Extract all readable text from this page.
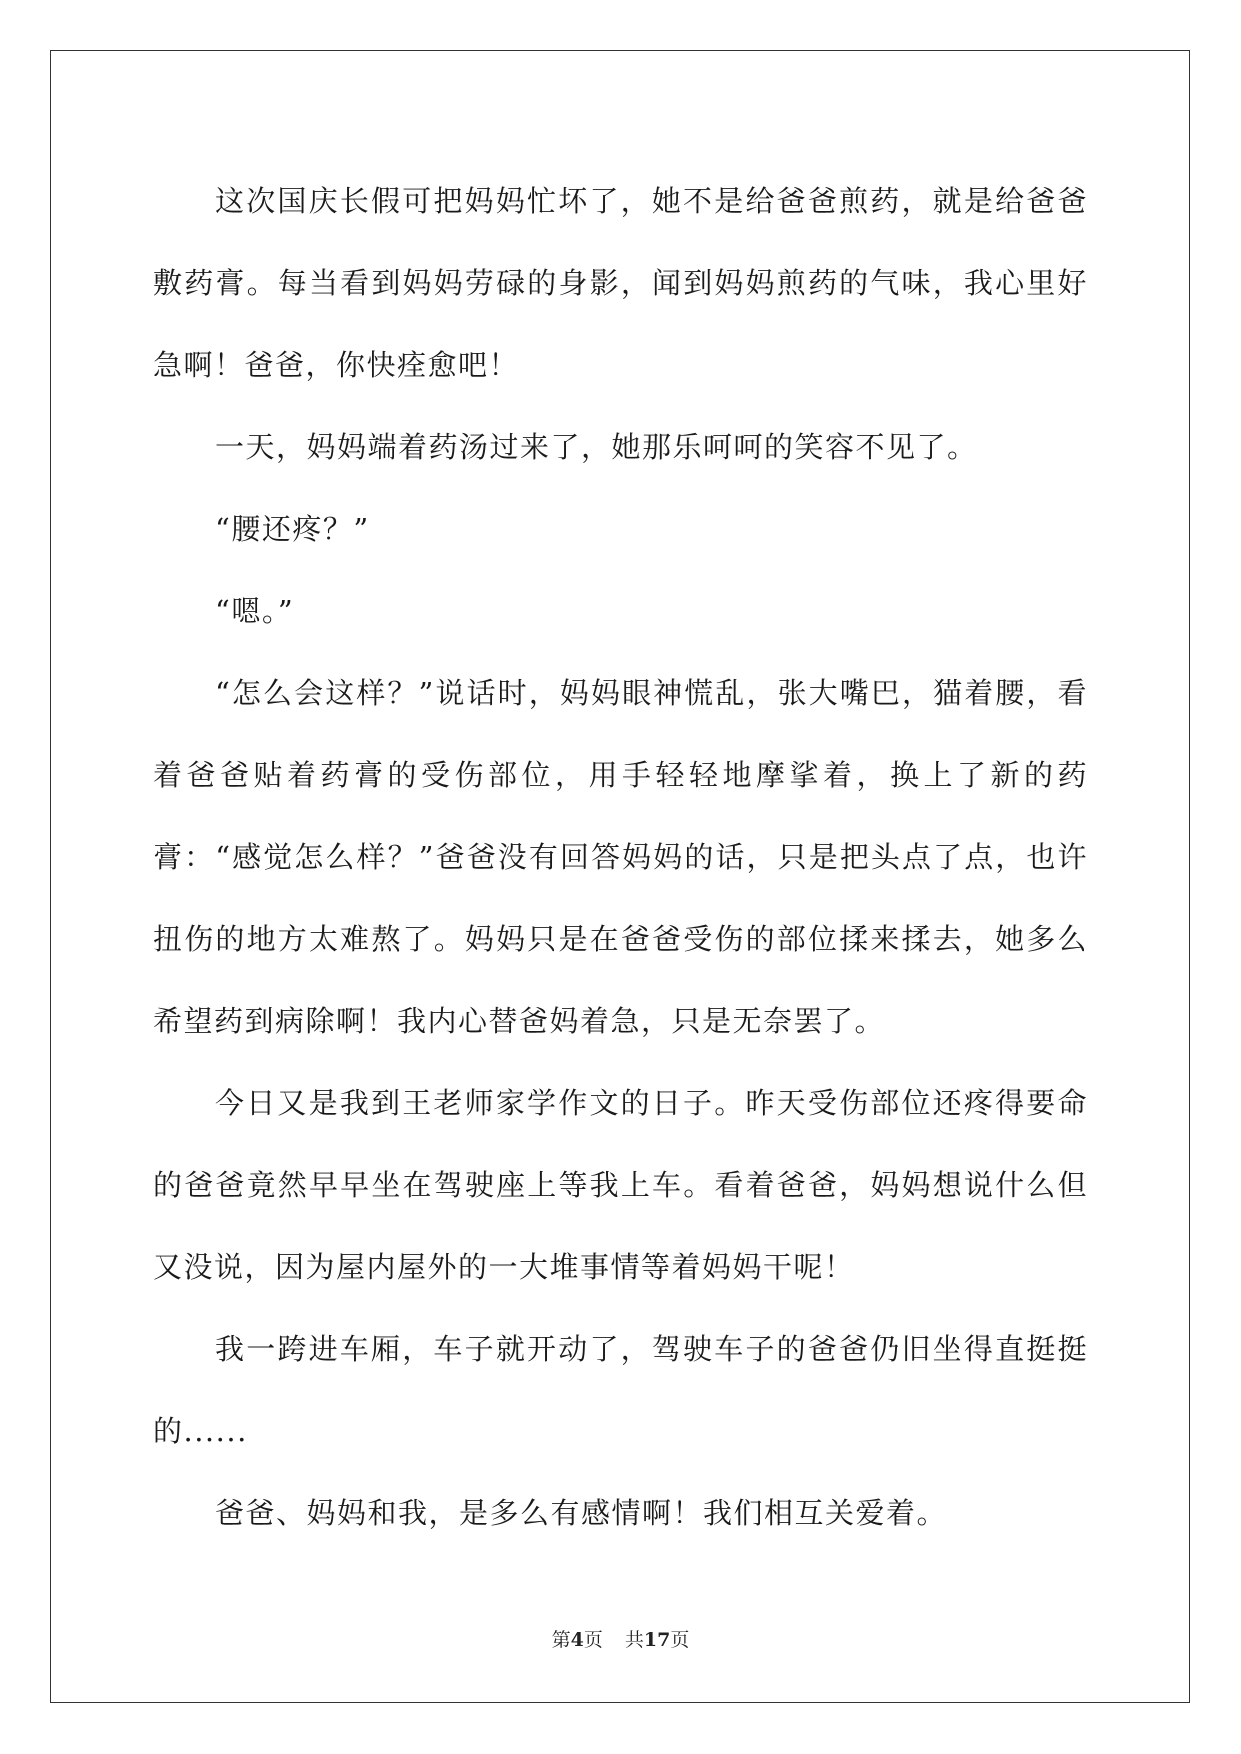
这次国庆长假可把妈妈忙坏了，她不是给爸爸煎药，就是给爸爸敷药膏。每当看到妈妈劳碌的身影，闻到妈妈煎药的气味，我心里好急啊！爸爸，你快痊愈吧！

一天，妈妈端着药汤过来了，她那乐呵呵的笑容不见了。

“腰还疼？”

“嗯。”

“怎么会这样？”说话时，妈妈眼神慌乱，张大嘴巴，猫着腰，看着爸爸贴着药膏的受伤部位，用手轻轻地摩挲着，换上了新的药膏：“感觉怎么样？”爸爸没有回答妈妈的话，只是把头点了点，也许扭伤的地方太难熬了。妈妈只是在爸爸受伤的部位揉来揉去，她多么希望药到病除啊！我内心替爸妈着急，只是无奈罢了。

今日又是我到王老师家学作文的日子。昨天受伤部位还疼得要命的爸爸竟然早早坐在驾驶座上等我上车。看着爸爸，妈妈想说什么但又没说，因为屋内屋外的一大堆事情等着妈妈干呢！

我一跨进车厢，车子就开动了，驾驶车子的爸爸仍旧坐得直挺挺的......

爸爸、妈妈和我，是多么有感情啊！我们相互关爱着。

第4页 共17页
